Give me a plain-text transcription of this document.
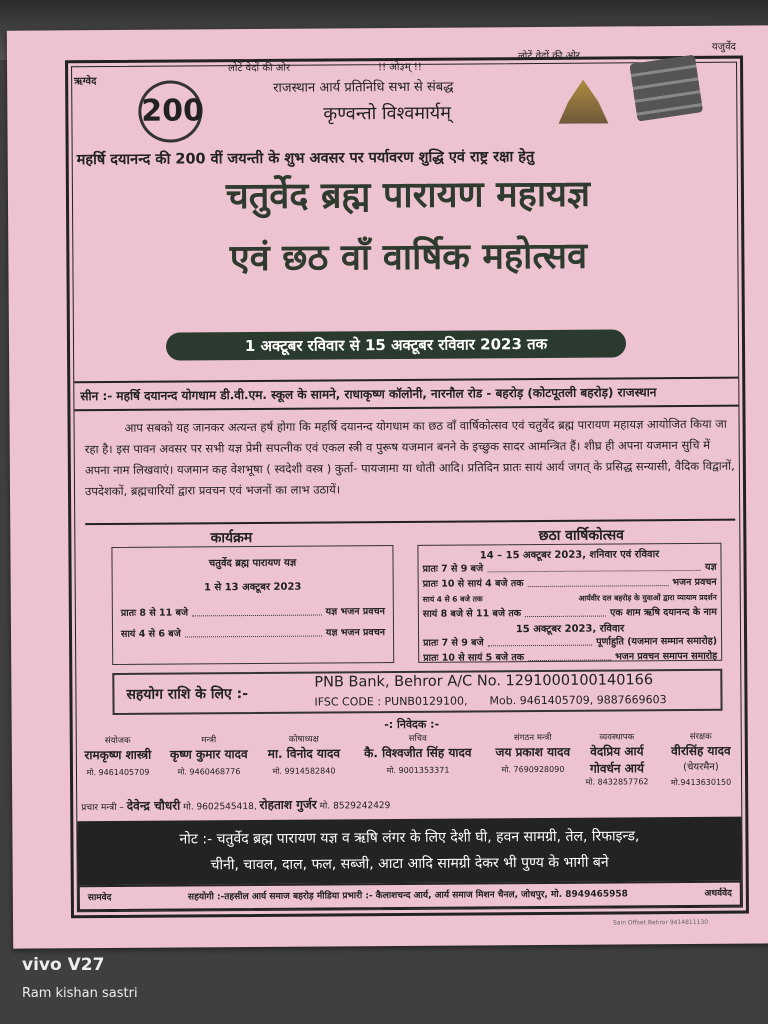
ऋग्वेद
यजुर्वेद
200
लोटें वेदों की ओर	!! ओ३म् !!
लोटें वेदों की ओर
राजस्थान आर्य प्रतिनिधि सभा से संबद्ध
कृण्वन्तो विश्वमार्यम्
महर्षि दयानन्द की 200 वीं जयन्ती के शुभ अवसर पर पर्यावरण शुद्धि एवं राष्ट्र रक्षा हेतु
चतुर्वेद ब्रह्म पारायण महायज्ञ
एवं छठ वाँ वार्षिक महोत्सव
1 अक्टूबर रविवार से 15 अक्टूबर रविवार 2023 तक
सीन :- महर्षि दयानन्द योगधाम डी.वी.एम. स्कूल के सामने, राधाकृष्ण कॉलोनी, नारनौल रोड - बहरोड़ (कोटपूतली बहरोड़) राजस्थान

आप सबको यह जानकर अत्यन्त हर्ष होगा कि महर्षि दयानन्द योगधाम का छठ वाँ वार्षिकोत्सव एवं चतुर्वेद ब्रह्म पारायण महायज्ञ आयोजित किया जा रहा है। इस पावन अवसर पर सभी यज्ञ प्रेमी सपत्नीक एवं एकल स्त्री व पुरूष यजमान बनने के इच्छुक सादर आमन्त्रित हैं। शीघ्र ही अपना यजमान सुचि में अपना नाम लिखवाएं। यजमान कह वेशभूषा ( स्वदेशी वस्त्र ) कुर्ता- पायजामा या धोती आदि। प्रतिदिन प्रातः सायं आर्य जगत् के प्रसिद्ध सन्यासी, वैदिक विद्वानों, उपदेशकों, ब्रह्मचारियों द्वारा प्रवचन एवं भजनों का लाभ उठायें।

कार्यक्रम
चतुर्वेद ब्रह्म पारायण यज्ञ
1 से 13 अक्टूबर 2023
प्रातः 8 से 11 बजे	यज्ञ भजन प्रवचन
सायं 4 से 6 बजे	यज्ञ भजन प्रवचन
छठा वार्षिकोत्सव
14 – 15 अक्टूबर 2023, शनिवार एवं रविवार
प्रातः 7 से 9 बजे	यज्ञ
प्रातः 10 से सायं 4 बजे तक	भजन प्रवचन
सायं 4 से 6 बजे तक	आर्यवीर दल बहरोड़ के युवाओं द्वारा व्यायाम प्रदर्शन
सायं 8 बजे से 11 बजे तक	एक शाम ऋषि दयानन्द के नाम
15 अक्टूबर 2023, रविवार
प्रातः 7 से 9 बजे	पूर्णाहुति (यजमान सम्मान समारोह)
प्रातः 10 से सायं 5 बजे तक	भजन प्रवचन समापन समारोह
सहयोग राशि के लिए :-
PNB Bank, Behror A/C No. 1291000100140166
IFSC CODE : PUNB0129100, Mob. 9461405709, 9887669603
-: निवेदक :-
संयोजक
रामकृष्ण शास्त्री
मो. 9461405709
मन्त्री
कृष्ण कुमार यादव
मो. 9460468776
कोषाध्यक्ष
मा. विनोद यादव
मो. 9914582840
सचिव
कै. विश्वजीत सिंह यादव
मो. 9001353371
संगठन मन्त्री
जय प्रकाश यादव
मो. 7690928090
व्यवस्थापक
वेदप्रिय आर्य
गोवर्धन आर्य
मो. 8432857762
संरक्षक
वीरसिंह यादव
(चेयरमैन)
मो.9413630150
प्रचार मन्त्री – देवेन्द्र चौधरी मो. 9602545418, रोहताश गुर्जर मो. 8529242429
नोट :- चतुर्वेद ब्रह्म पारायण यज्ञ व ऋषि लंगर के लिए देशी घी, हवन सामग्री, तेल, रिफाइन्ड,
चीनी, चावल, दाल, फल, सब्जी, आटा आदि सामग्री देकर भी पुण्य के भागी बने
सामवेद	सहयोगी :-तहसील आर्य समाज बहरोड़ मीडिया प्रभारी :- कैलाशचन्द आर्य, आर्य समाज मिशन चैनल, जोधपुर, मो. 8949465958	अथर्ववेद
Sain Offset Behror 9414811130
vivo V27
Ram kishan sastri
